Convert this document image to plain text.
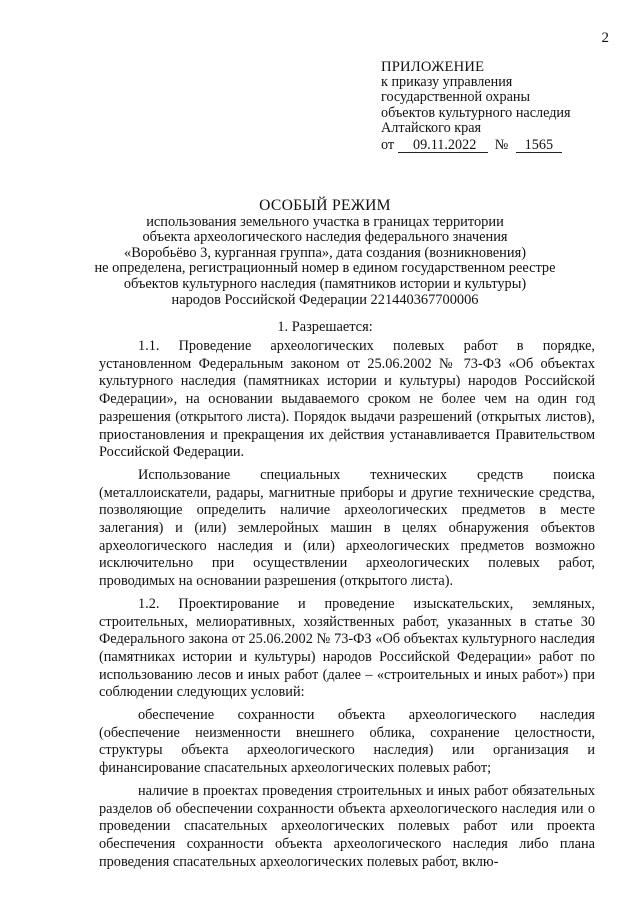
2
ПРИЛОЖЕНИЕ
к приказу управления
государственной охраны
объектов культурного наследия
Алтайского края
от 09.11.2022 № 1565
ОСОБЫЙ РЕЖИМ
использования земельного участка в границах территории
объекта археологического наследия федерального значения
«Воробьёво 3, курганная группа», дата создания (возникновения)
не определена, регистрационный номер в едином государственном реестре
объектов культурного наследия (памятников истории и культуры)
народов Российской Федерации 221440367700006
1. Разрешается:

1.1. Проведение археологических полевых работ в порядке, установленном Федеральным законом от 25.06.2002 № 73-ФЗ «Об объектах культурного наследия (памятниках истории и культуры) народов Российской Федерации», на основании выдаваемого сроком не более чем на один год разрешения (открытого листа). Порядок выдачи разрешений (открытых листов), приостановления и прекращения их действия устанавливается Правительством Российской Федерации.

Использование специальных технических средств поиска (металлоискатели, радары, магнитные приборы и другие технические средства, позволяющие определить наличие археологических предметов в месте залегания) и (или) землеройных машин в целях обнаружения объектов археологического наследия и (или) археологических предметов возможно исключительно при осуществлении археологических полевых работ, проводимых на основании разрешения (открытого листа).

1.2. Проектирование и проведение изыскательских, земляных, строительных, мелиоративных, хозяйственных работ, указанных в статье 30 Федерального закона от 25.06.2002 № 73-ФЗ «Об объектах культурного наследия (памятниках истории и культуры) народов Российской Федерации» работ по использованию лесов и иных работ (далее – «строительных и иных работ») при соблюдении следующих условий:

обеспечение сохранности объекта археологического наследия (обеспечение неизменности внешнего облика, сохранение целостности, структуры объекта археологического наследия) или организация и финансирование спасательных археологических полевых работ;

наличие в проектах проведения строительных и иных работ обязательных разделов об обеспечении сохранности объекта археологического наследия или о проведении спасательных археологических полевых работ или проекта обеспечения сохранности объекта археологического наследия либо плана проведения спасательных археологических полевых работ, вклю-
